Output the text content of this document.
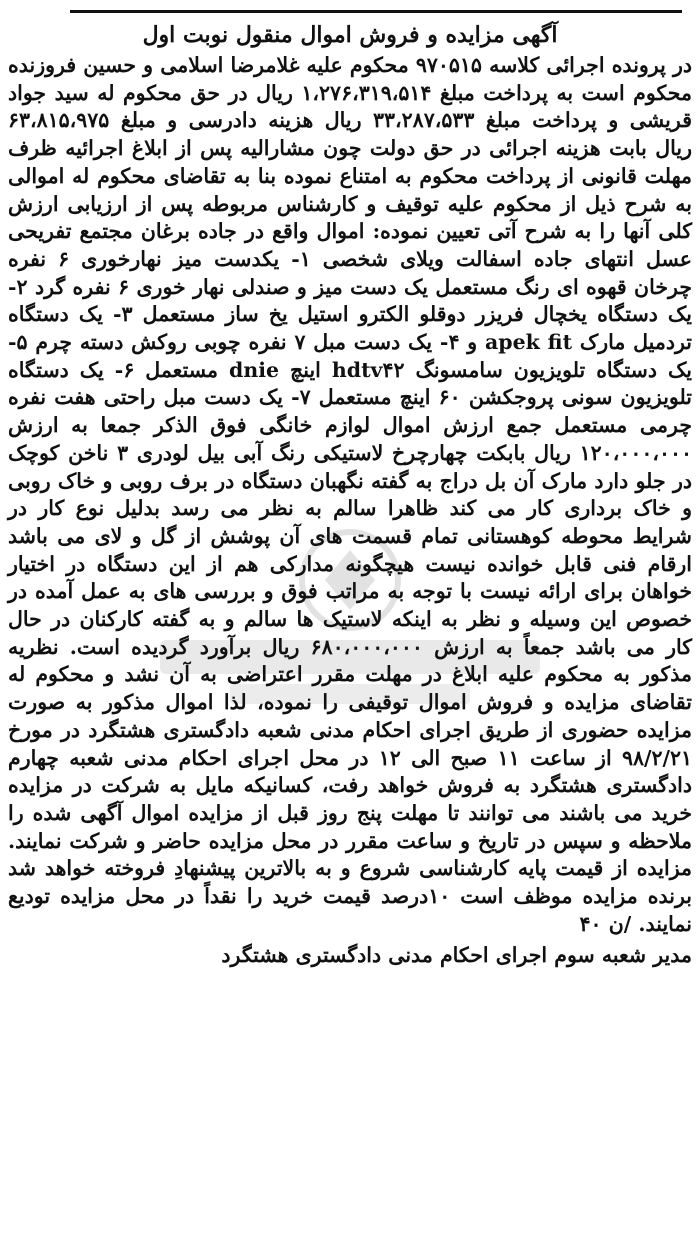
آگهی مزایده و فروش اموال منقول نوبت اول

در پرونده اجرائی کلاسه ۹۷۰۵۱۵ محکوم علیه غلامرضا اسلامی و حسین فروزنده محکوم است به پرداخت مبلغ ۱،۲۷۶،۳۱۹،۵۱۴ ریال در حق محکوم له سید جواد قریشی و پرداخت مبلغ ۳۳،۲۸۷،۵۳۳ ریال هزینه دادرسی و مبلغ ۶۳،۸۱۵،۹۷۵ ریال بابت هزینه اجرائی در حق دولت چون مشارالیه پس از ابلاغ اجرائیه ظرف مهلت قانونی از پرداخت محکوم به امتناع نموده بنا به تقاضای محکوم له اموالی به شرح ذیل از محکوم علیه توقیف و کارشناس مربوطه پس از ارزیابی ارزش کلی آنها را به شرح آتی تعیین نموده: اموال واقع در جاده برغان مجتمع تفریحی عسل انتهای جاده اسفالت ویلای شخصی ۱- یکدست میز نهارخوری ۶ نفره چرخان قهوه ای رنگ مستعمل یک دست میز و صندلی نهار خوری ۶ نفره گرد ۲- یک دستگاه یخچال فریزر دوقلو الکترو استیل یخ ساز مستعمل ۳- یک دستگاه تردمیل مارک apek fit و ۴- یک دست مبل ۷ نفره چوبی روکش دسته چرم ۵- یک دستگاه تلویزیون سامسونگ hdtv۴۲ اینچ dnie مستعمل ۶- یک دستگاه تلویزیون سونی پروجکشن ۶۰ اینچ مستعمل ۷- یک دست مبل راحتی هفت نفره چرمی مستعمل جمع ارزش اموال لوازم خانگی فوق الذکر جمعا به ارزش ۱۲۰،۰۰۰،۰۰۰ ریال بابکت چهارچرخ لاستیکی رنگ آبی بیل لودری ۳ ناخن کوچک در جلو دارد مارک آن بل دراج به گفته نگهبان دستگاه در برف روبی و خاک روبی و خاک برداری کار می کند ظاهرا سالم به نظر می رسد بدلیل نوع کار در شرایط محوطه کوهستانی تمام قسمت های آن پوشش از گل و لای می باشد ارقام فنی قابل خوانده نیست هیچگونه مدارکی هم از این دستگاه در اختیار خواهان برای ارائه نیست با توجه به مراتب فوق و بررسی های به عمل آمده در خصوص این وسیله و نظر به اینکه لاستیک ها سالم و به گفته کارکنان در حال کار می باشد جمعاً به ارزش ۶۸۰،۰۰۰،۰۰۰ ریال برآورد گردیده است. نظریه مذکور به محکوم علیه ابلاغ در مهلت مقرر اعتراضی به آن نشد و محکوم له تقاضای مزایده و فروش اموال توقیفی را نموده، لذا اموال مذکور به صورت مزایده حضوری از طریق اجرای احکام مدنی شعبه دادگستری هشتگرد در مورخ ۹۸/۲/۲۱ از ساعت ۱۱ صبح الی ۱۲ در محل اجرای احکام مدنی شعبه چهارم دادگستری هشتگرد به فروش خواهد رفت، کسانیکه مایل به شرکت در مزایده خرید می باشند می توانند تا مهلت پنج روز قبل از مزایده اموال آگهی شده را ملاحظه و سپس در تاریخ و ساعت مقرر در محل مزایده حاضر و شرکت نمایند. مزایده از قیمت پایه کارشناسی شروع و به بالاترین پیشنهادِ فروخته خواهد شد برنده مزایده موظف است ۱۰درصد قیمت خرید را نقداً در محل مزایده تودیع نمایند. /ن ۴۰

مدیر شعبه سوم اجرای احکام مدنی دادگستری هشتگرد
